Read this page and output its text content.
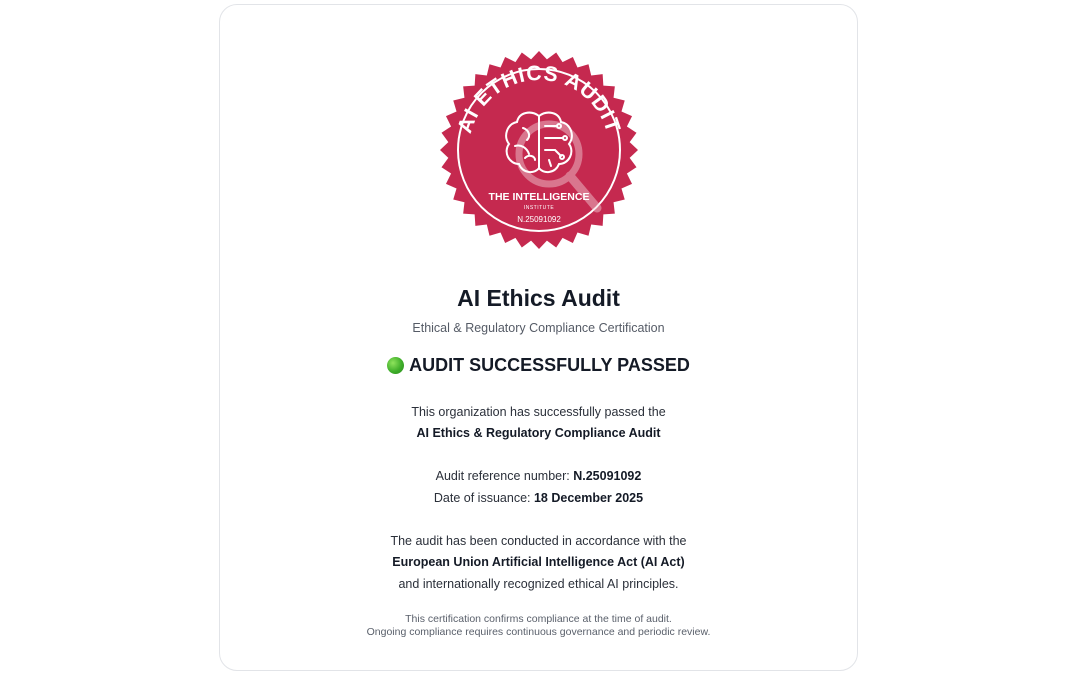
AI ETHICS AUDIT
THE INTELLIGENCE
INSTITUTE
N.25091092
AI Ethics Audit
Ethical & Regulatory Compliance Certification
AUDIT SUCCESSFULLY PASSED
This organization has successfully passed the
AI Ethics & Regulatory Compliance Audit
Audit reference number: N.25091092
Date of issuance: 18 December 2025
The audit has been conducted in accordance with the
European Union Artificial Intelligence Act (AI Act)
and internationally recognized ethical AI principles.
This certification confirms compliance at the time of audit.
Ongoing compliance requires continuous governance and periodic review.
